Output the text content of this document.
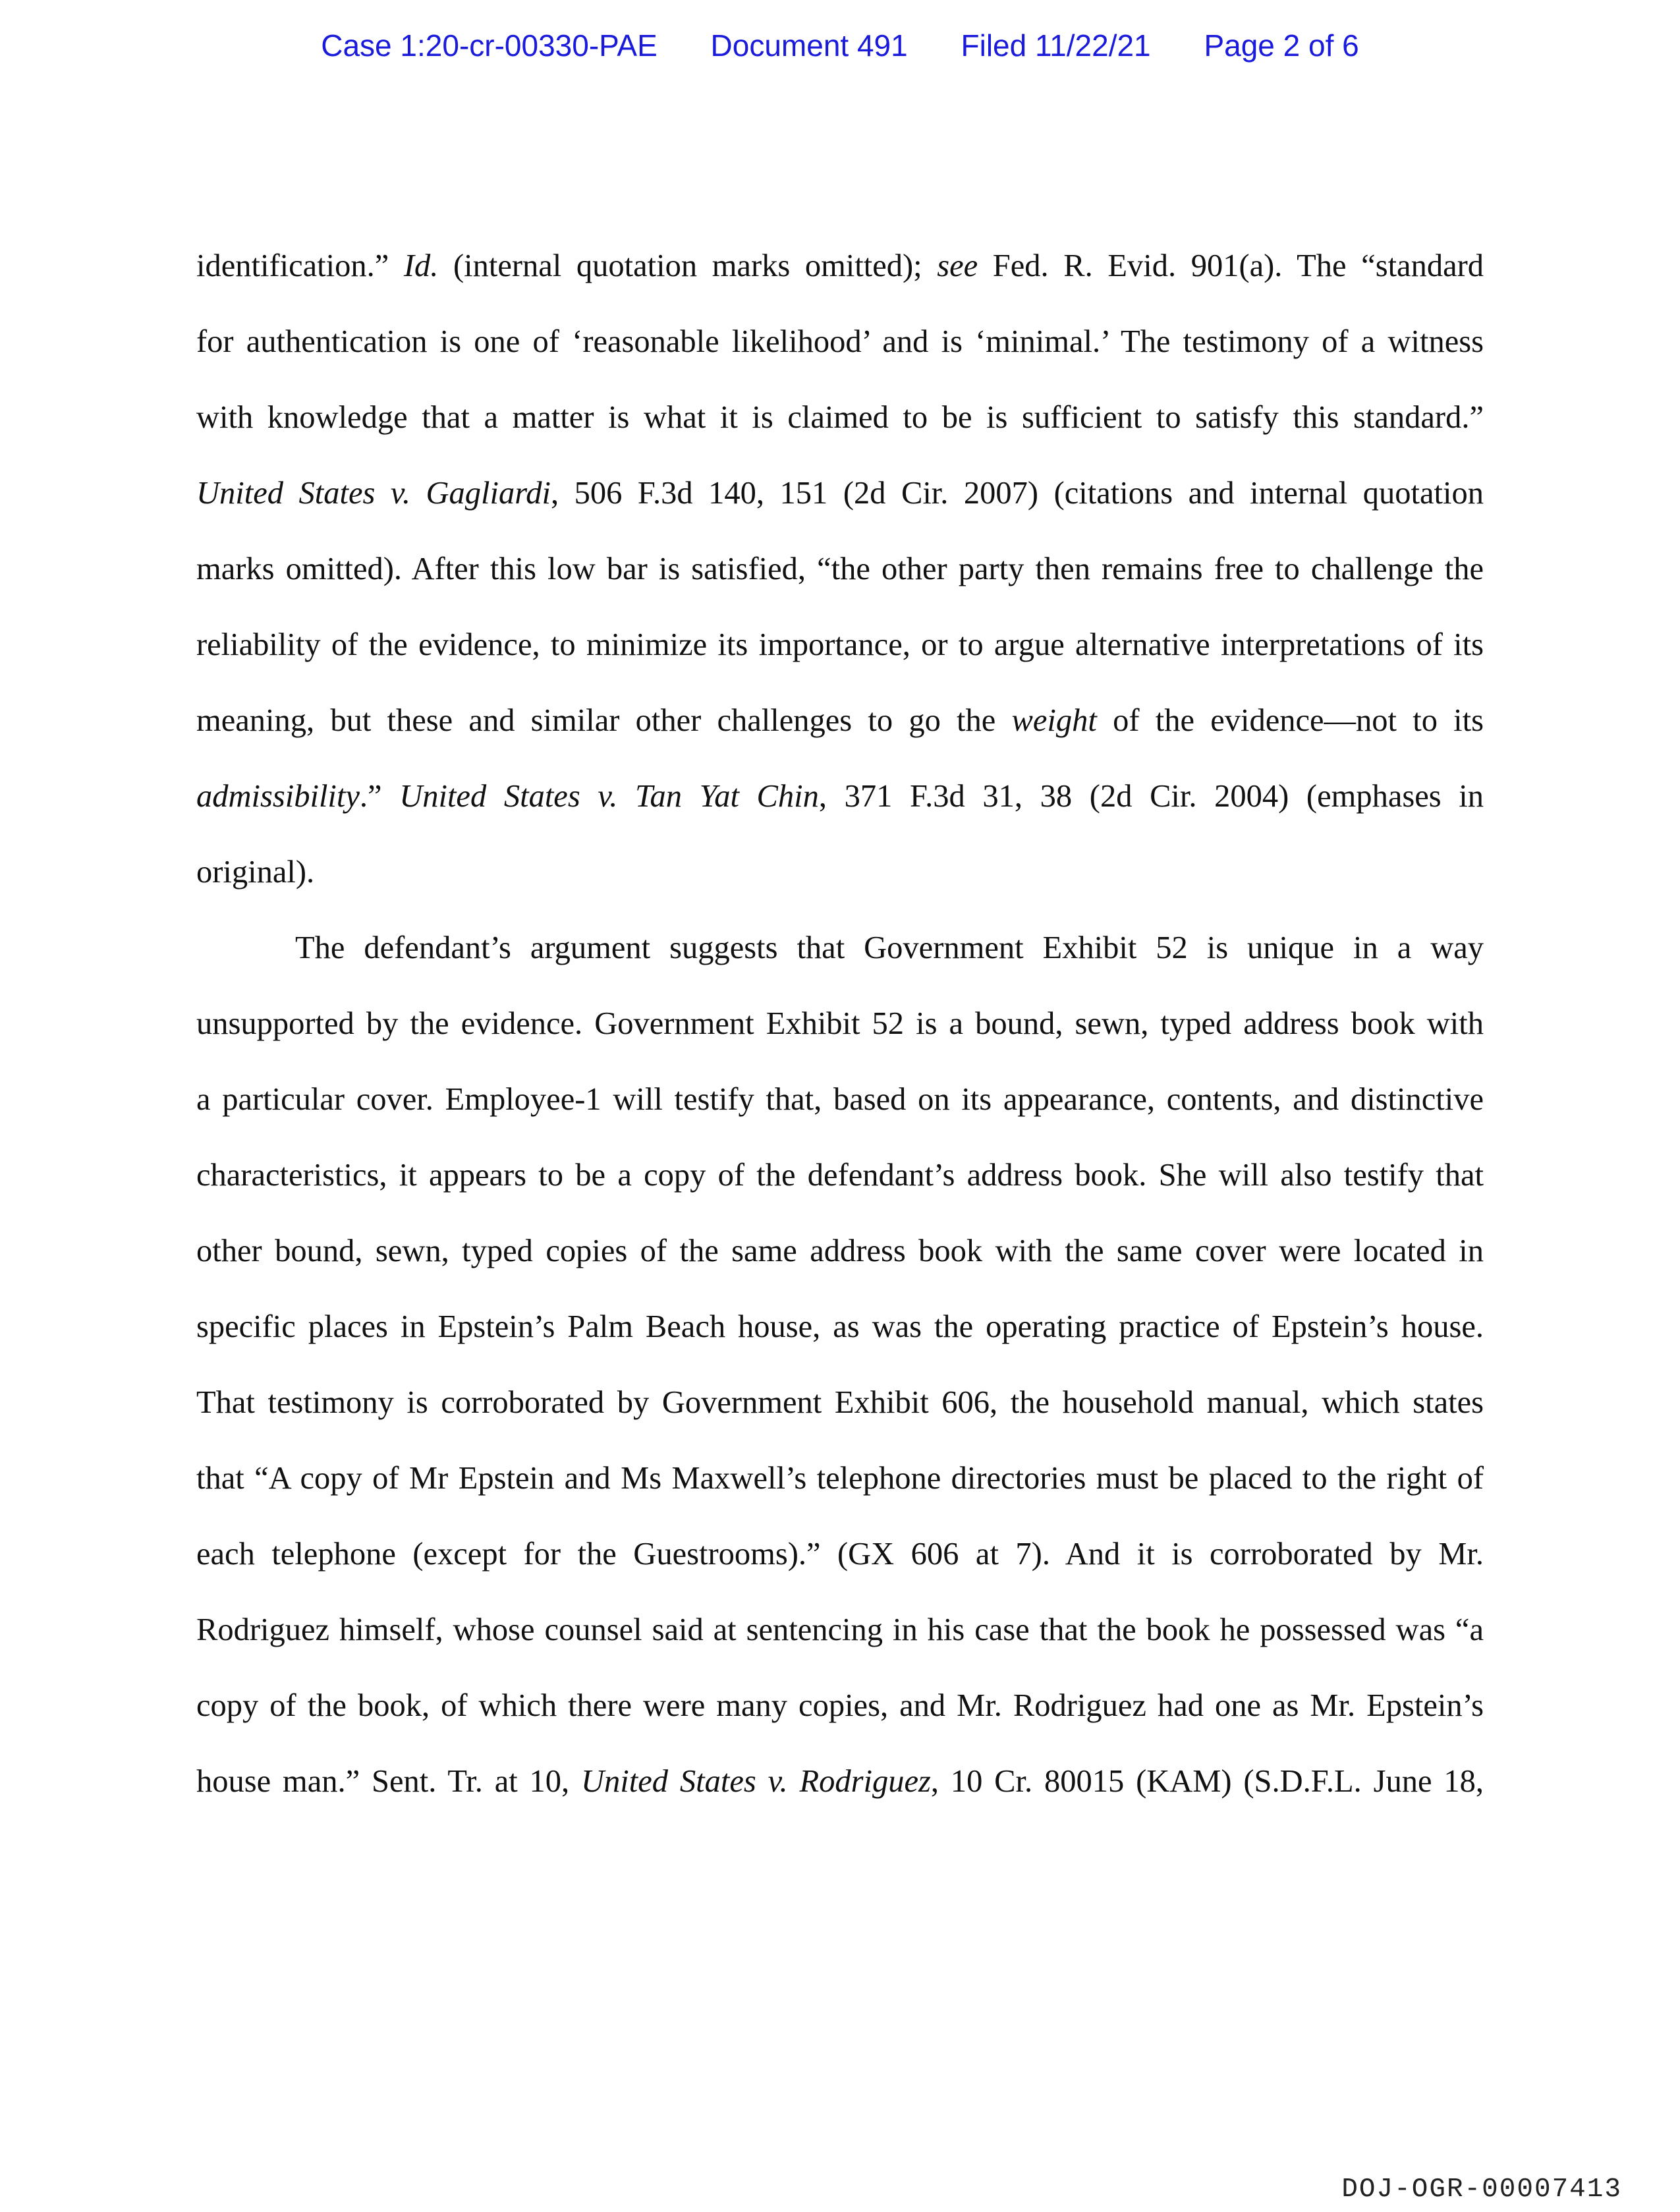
Case 1:20-cr-00330-PAE Document 491 Filed 11/22/21 Page 2 of 6
identification.” Id. (internal quotation marks omitted); see Fed. R. Evid. 901(a). The “standard
for authentication is one of ‘reasonable likelihood’ and is ‘minimal.’ The testimony of a witness
with knowledge that a matter is what it is claimed to be is sufficient to satisfy this standard.”
United States v. Gagliardi, 506 F.3d 140, 151 (2d Cir. 2007) (citations and internal quotation
marks omitted). After this low bar is satisfied, “the other party then remains free to challenge the
reliability of the evidence, to minimize its importance, or to argue alternative interpretations of its
meaning, but these and similar other challenges to go the weight of the evidence—not to its
admissibility.” United States v. Tan Yat Chin, 371 F.3d 31, 38 (2d Cir. 2004) (emphases in
original).
The defendant’s argument suggests that Government Exhibit 52 is unique in a way
unsupported by the evidence. Government Exhibit 52 is a bound, sewn, typed address book with
a particular cover. Employee-1 will testify that, based on its appearance, contents, and distinctive
characteristics, it appears to be a copy of the defendant’s address book. She will also testify that
other bound, sewn, typed copies of the same address book with the same cover were located in
specific places in Epstein’s Palm Beach house, as was the operating practice of Epstein’s house.
That testimony is corroborated by Government Exhibit 606, the household manual, which states
that “A copy of Mr Epstein and Ms Maxwell’s telephone directories must be placed to the right of
each telephone (except for the Guestrooms).” (GX 606 at 7). And it is corroborated by Mr.
Rodriguez himself, whose counsel said at sentencing in his case that the book he possessed was “a
copy of the book, of which there were many copies, and Mr. Rodriguez had one as Mr. Epstein’s
house man.” Sent. Tr. at 10, United States v. Rodriguez, 10 Cr. 80015 (KAM) (S.D.F.L. June 18,
DOJ-OGR-00007413
